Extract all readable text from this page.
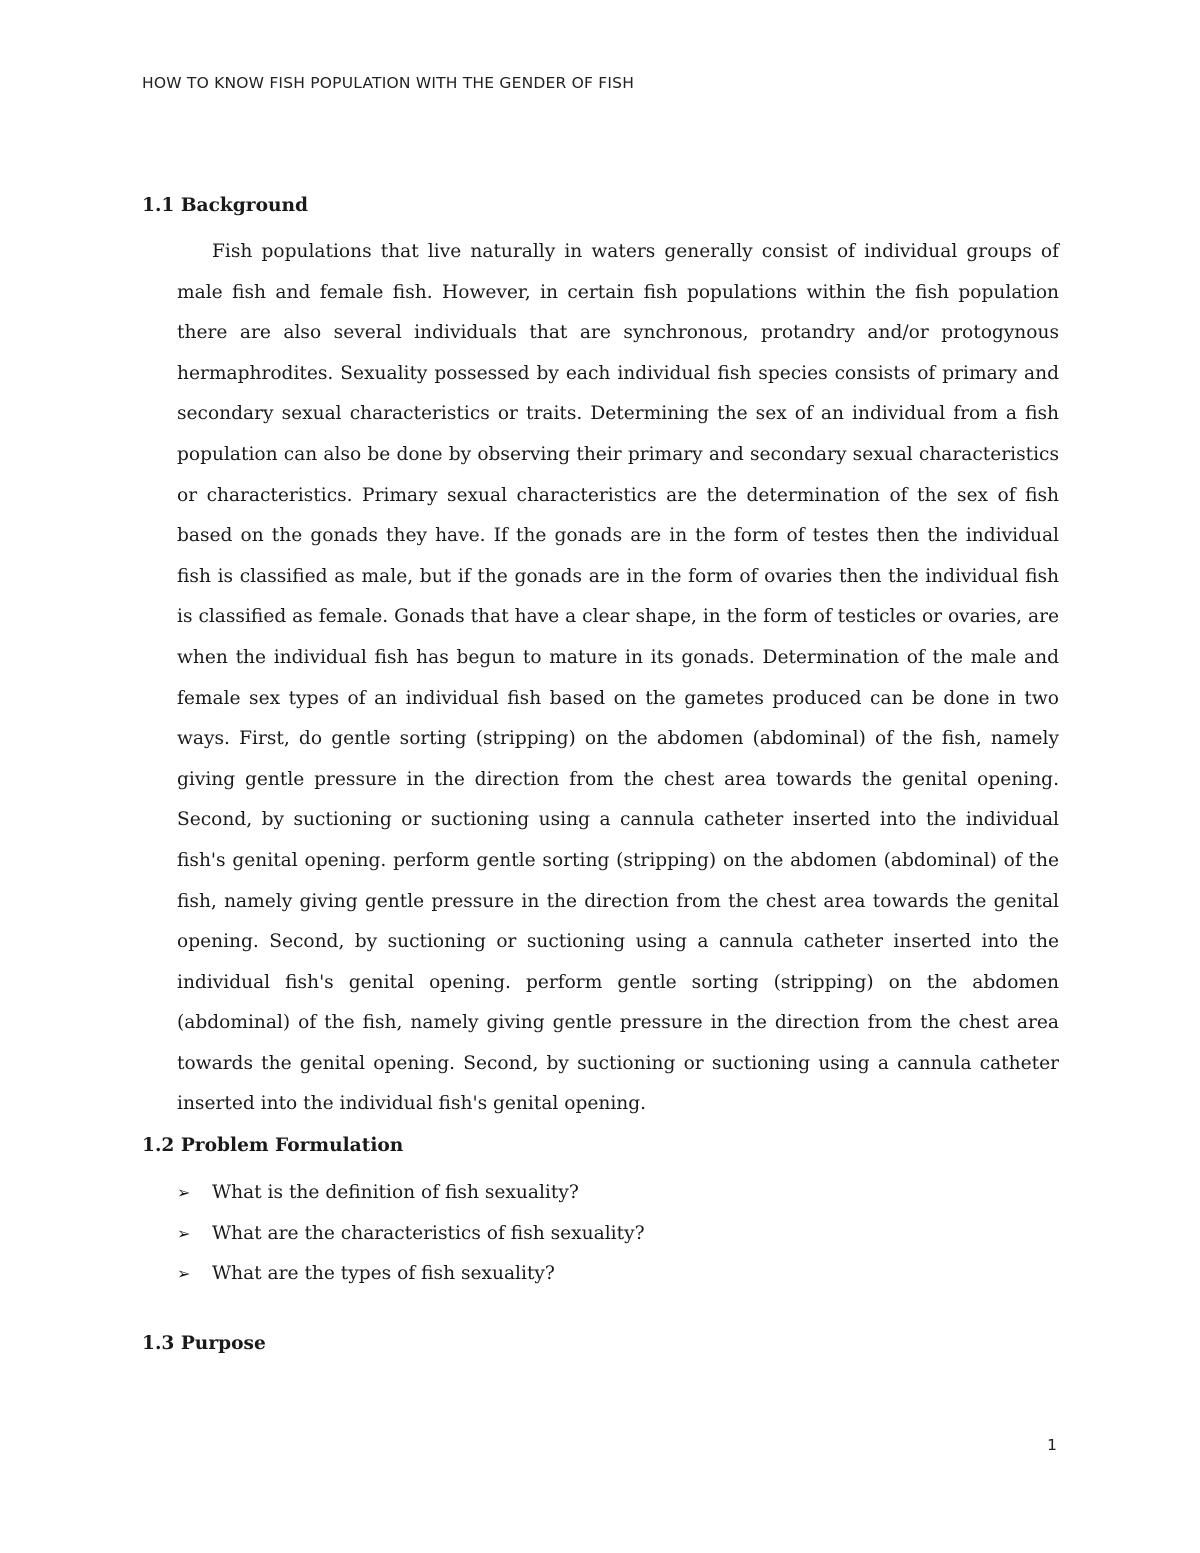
HOW TO KNOW FISH POPULATION WITH THE GENDER OF FISH
1.1 Background

Fish populations that live naturally in waters generally consist of individual groups of male fish and female fish. However, in certain fish populations within the fish population there are also several individuals that are synchronous, protandry and/or protogynous hermaphrodites. Sexuality possessed by each individual fish species consists of primary and secondary sexual characteristics or traits. Determining the sex of an individual from a fish population can also be done by observing their primary and secondary sexual characteristics or characteristics. Primary sexual characteristics are the determination of the sex of fish based on the gonads they have. If the gonads are in the form of testes then the individual fish is classified as male, but if the gonads are in the form of ovaries then the individual fish is classified as female. Gonads that have a clear shape, in the form of testicles or ovaries, are when the individual fish has begun to mature in its gonads. Determination of the male and female sex types of an individual fish based on the gametes produced can be done in two ways. First, do gentle sorting (stripping) on the abdomen (abdominal) of the fish, namely giving gentle pressure in the direction from the chest area towards the genital opening. Second, by suctioning or suctioning using a cannula catheter inserted into the individual fish's genital opening. perform gentle sorting (stripping) on the abdomen (abdominal) of the fish, namely giving gentle pressure in the direction from the chest area towards the genital opening. Second, by suctioning or suctioning using a cannula catheter inserted into the individual fish's genital opening. perform gentle sorting (stripping) on the abdomen (abdominal) of the fish, namely giving gentle pressure in the direction from the chest area towards the genital opening. Second, by suctioning or suctioning using a cannula catheter inserted into the individual fish's genital opening.

1.2 Problem Formulation
➢	What is the definition of fish sexuality?
➢	What are the characteristics of fish sexuality?
➢	What are the types of fish sexuality?
1.3 Purpose
1
